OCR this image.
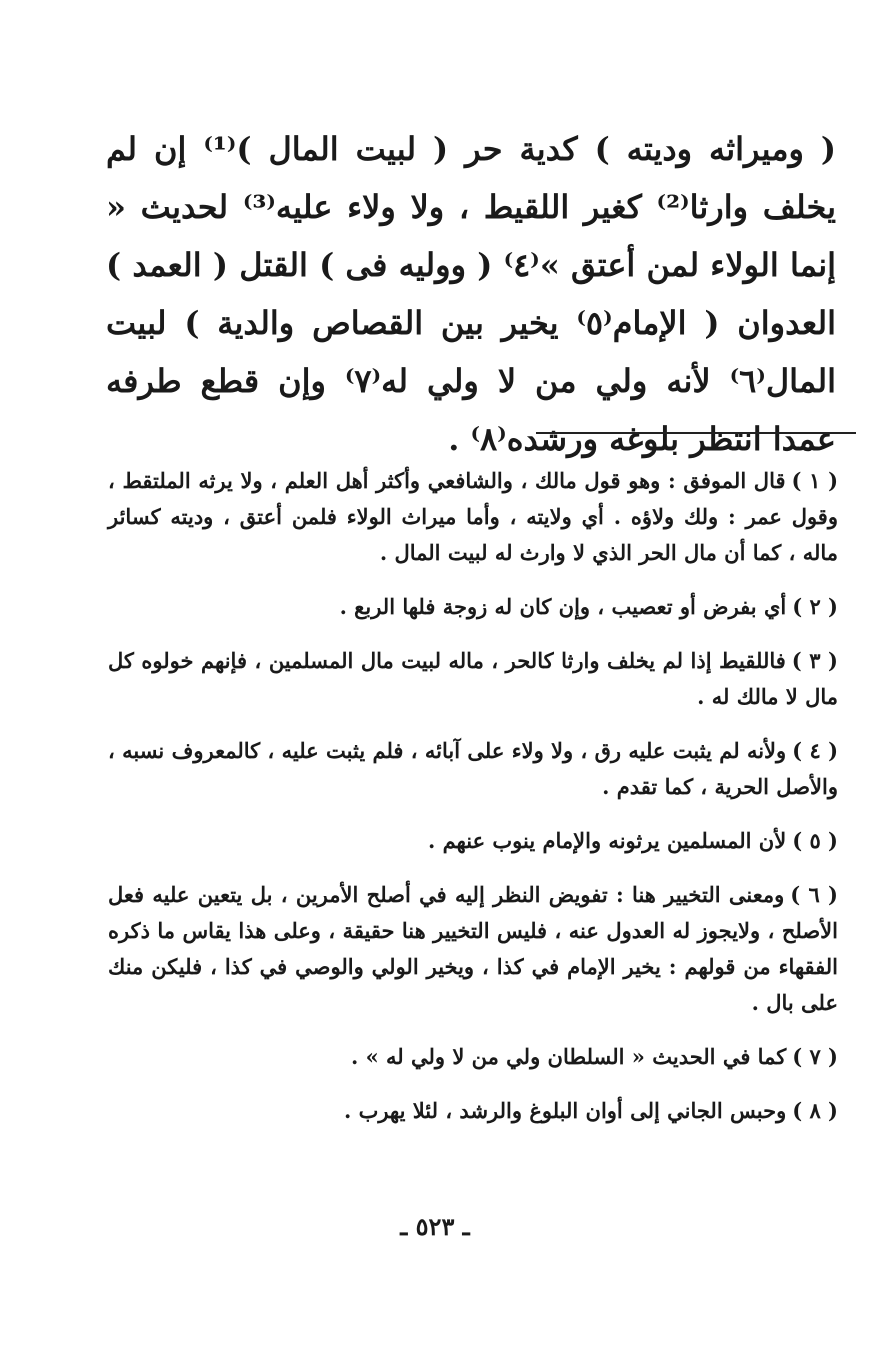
( وميراثه وديته ) كدية حر ( لبيت المال )⁽¹⁾ إن لم يخلف وارثا⁽²⁾ كغير اللقيط ، ولا ولاء عليه⁽³⁾ لحديث « إنما الولاء لمن أعتق »⁽٤⁾ ( ووليه فى ) القتل ( العمد ) العدوان ( الإمام⁽٥⁾ يخير بين القصاص والدية ) لبيت المال⁽٦⁾ لأنه ولي من لا ولي له⁽٧⁾ وإن قطع طرفه عمدا انتظر بلوغه ورشده⁽٨⁾ .

( ١ )قال الموفق : وهو قول مالك ، والشافعي وأكثر أهل العلم ، ولا يرثه الملتقط ، وقول عمر : ولك ولاؤه . أي ولايته ، وأما ميراث الولاء فلمن أعتق ، وديته كسائر ماله ، كما أن مال الحر الذي لا وارث له لبيت المال .

( ٢ )أي بفرض أو تعصيب ، وإن كان له زوجة فلها الربع .

( ٣ )فاللقيط إذا لم يخلف وارثا كالحر ، ماله لبيت مال المسلمين ، فإنهم خولوه كل مال لا مالك له .

( ٤ )ولأنه لم يثبت عليه رق ، ولا ولاء على آبائه ، فلم يثبت عليه ، كالمعروف نسبه ، والأصل الحرية ، كما تقدم .

( ٥ )لأن المسلمين يرثونه والإمام ينوب عنهم .

( ٦ )ومعنى التخيير هنا : تفويض النظر إليه في أصلح الأمرين ، بل يتعين عليه فعل الأصلح ، ولايجوز له العدول عنه ، فليس التخيير هنا حقيقة ، وعلى هذا يقاس ما ذكره الفقهاء من قولهم : يخير الإمام في كذا ، ويخير الولي والوصي في كذا ، فليكن منك على بال .

( ٧ )كما في الحديث « السلطان ولي من لا ولي له » .

( ٨ )وحبس الجاني إلى أوان البلوغ والرشد ، لئلا يهرب .

ـ ٥٢٣ ـ
